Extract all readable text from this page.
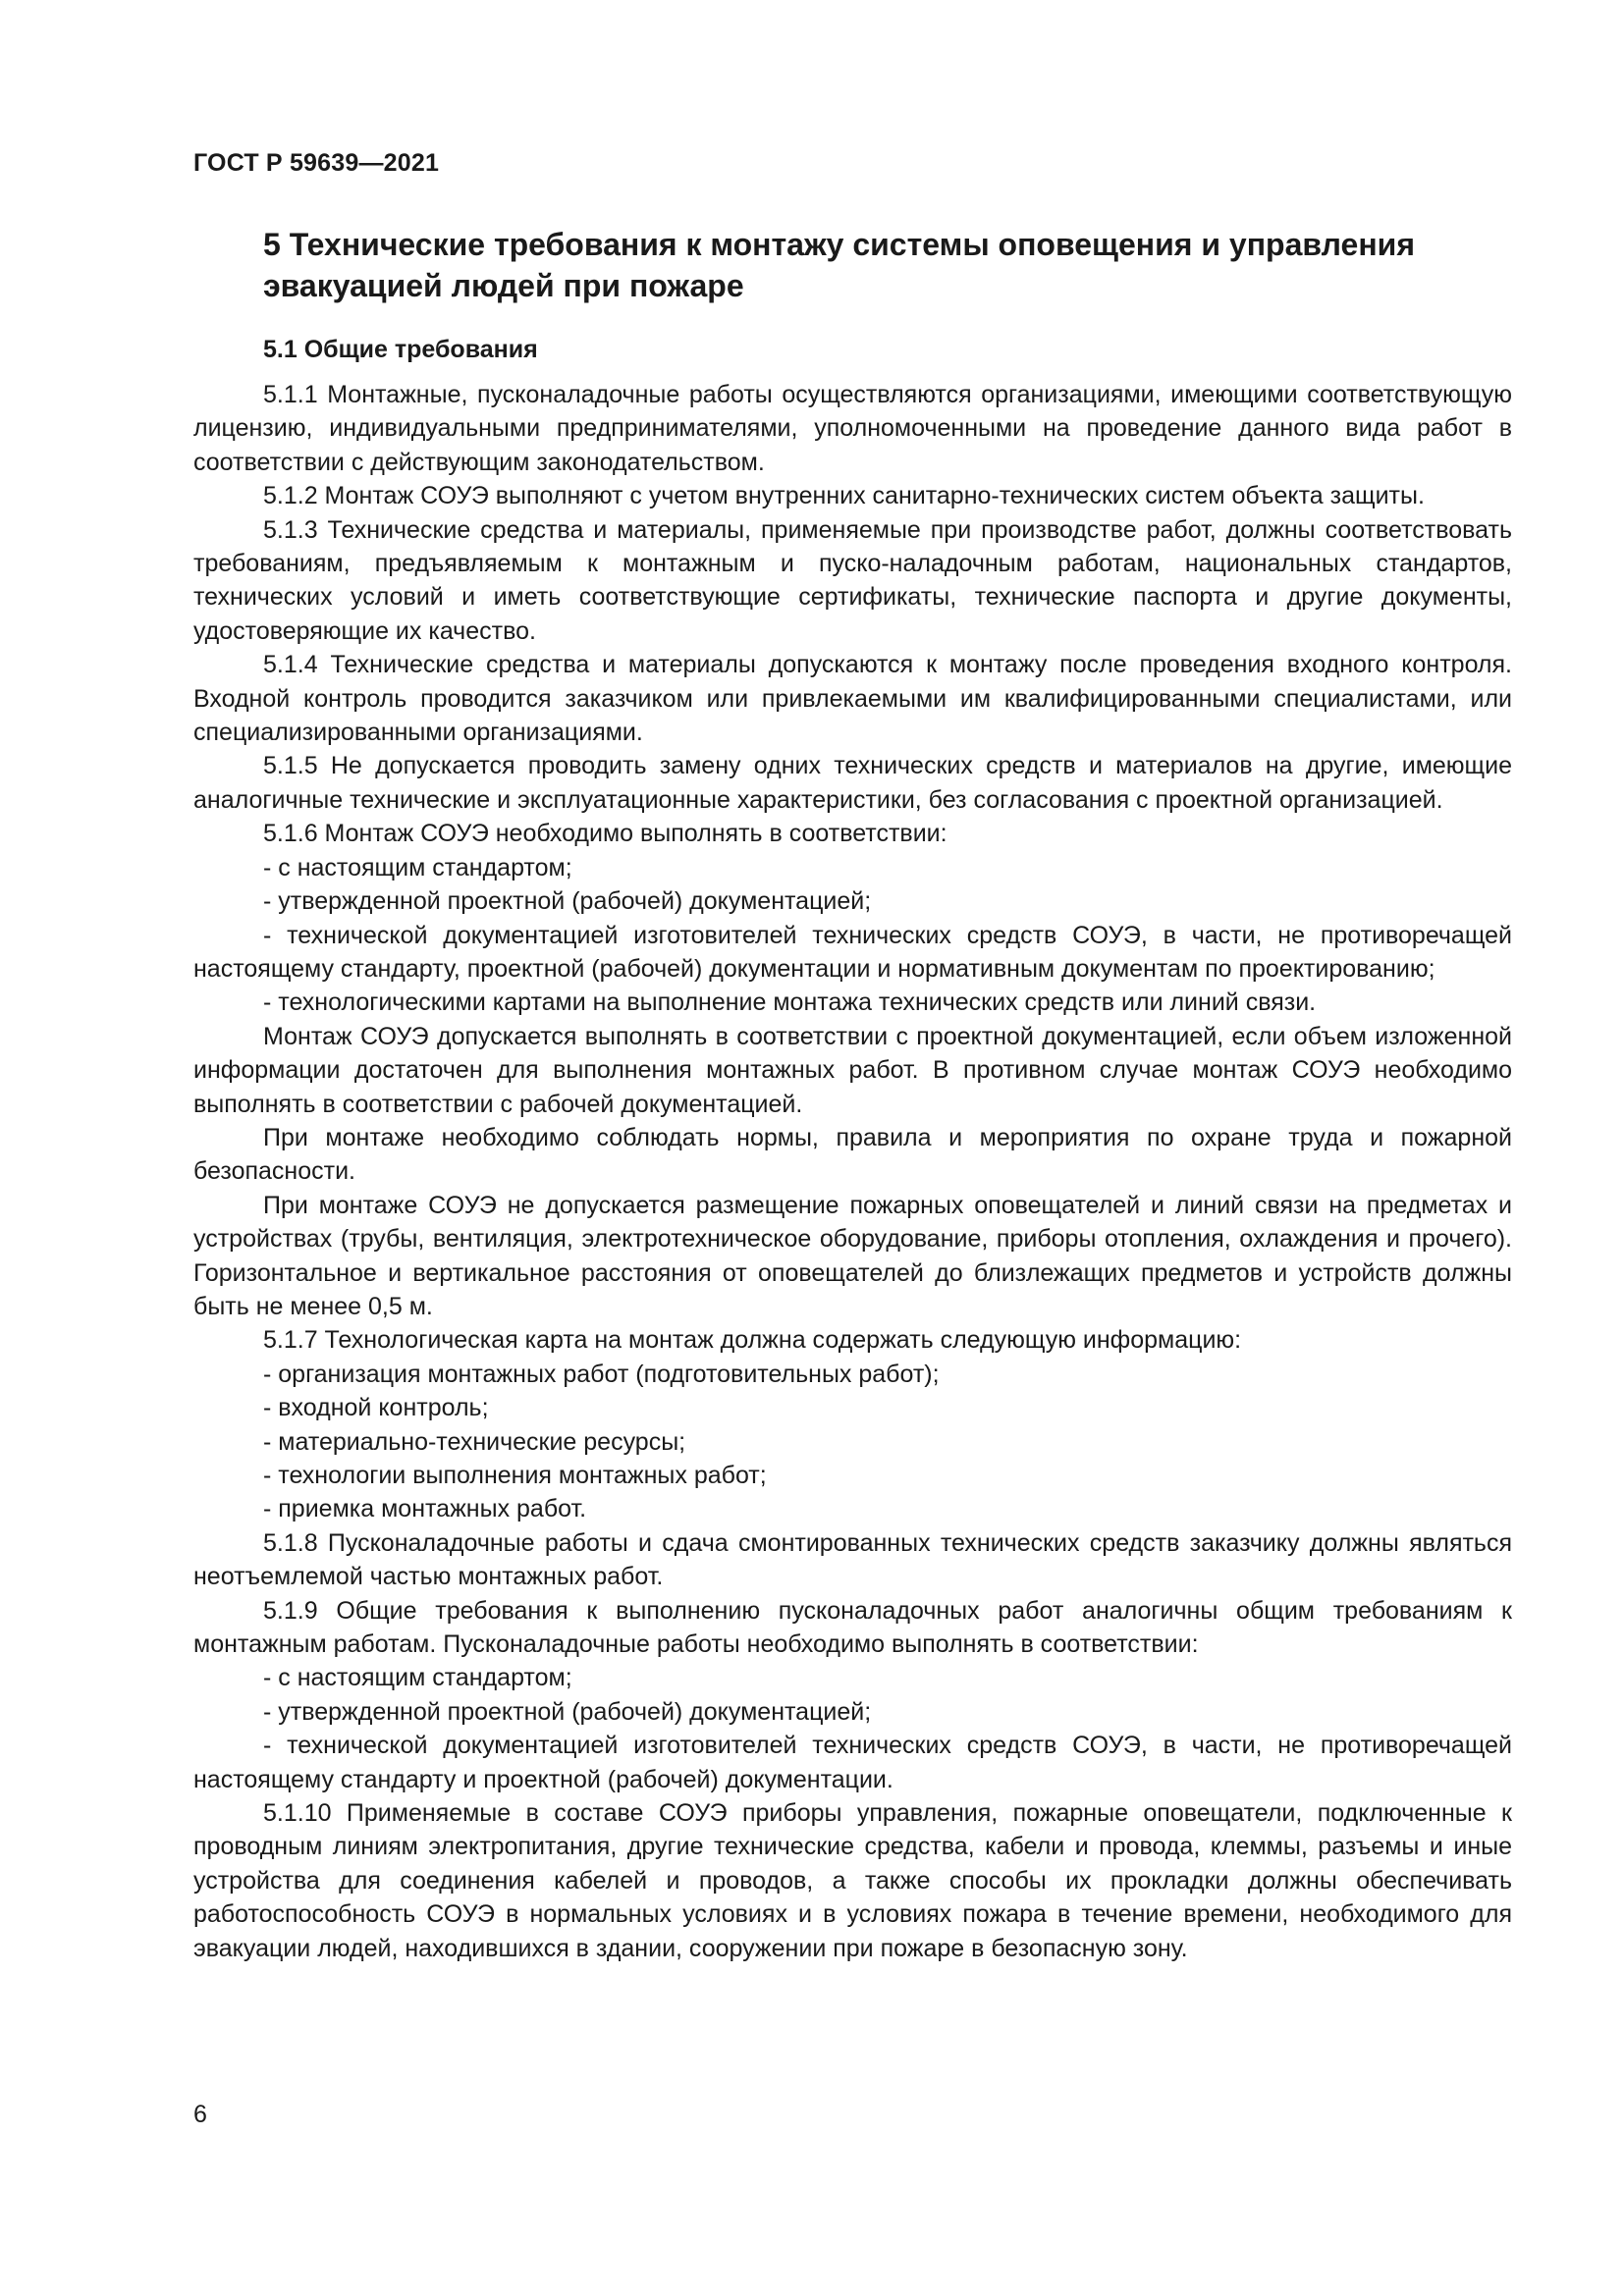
ГОСТ Р 59639—2021
5 Технические требования к монтажу системы оповещения и управления эвакуацией людей при пожаре
5.1 Общие требования

5.1.1 Монтажные, пусконаладочные работы осуществляются организациями, имеющими соответствующую лицензию, индивидуальными предпринимателями, уполномоченными на проведение данного вида работ в соответствии с действующим законодательством.

5.1.2 Монтаж СОУЭ выполняют с учетом внутренних санитарно-технических систем объекта защиты.

5.1.3 Технические средства и материалы, применяемые при производстве работ, должны соответствовать требованиям, предъявляемым к монтажным и пуско-наладочным работам, национальных стандартов, технических условий и иметь соответствующие сертификаты, технические паспорта и другие документы, удостоверяющие их качество.

5.1.4 Технические средства и материалы допускаются к монтажу после проведения входного контроля. Входной контроль проводится заказчиком или привлекаемыми им квалифицированными специалистами, или специализированными организациями.

5.1.5 Не допускается проводить замену одних технических средств и материалов на другие, имеющие аналогичные технические и эксплуатационные характеристики, без согласования с проектной организацией.

5.1.6 Монтаж СОУЭ необходимо выполнять в соответствии:

- с настоящим стандартом;

- утвержденной проектной (рабочей) документацией;

- технической документацией изготовителей технических средств СОУЭ, в части, не противоречащей настоящему стандарту, проектной (рабочей) документации и нормативным документам по проектированию;

- технологическими картами на выполнение монтажа технических средств или линий связи.

Монтаж СОУЭ допускается выполнять в соответствии с проектной документацией, если объем изложенной информации достаточен для выполнения монтажных работ. В противном случае монтаж СОУЭ необходимо выполнять в соответствии с рабочей документацией.

При монтаже необходимо соблюдать нормы, правила и мероприятия по охране труда и пожарной безопасности.

При монтаже СОУЭ не допускается размещение пожарных оповещателей и линий связи на предметах и устройствах (трубы, вентиляция, электротехническое оборудование, приборы отопления, охлаждения и прочего). Горизонтальное и вертикальное расстояния от оповещателей до близлежащих предметов и устройств должны быть не менее 0,5 м.

5.1.7 Технологическая карта на монтаж должна содержать следующую информацию:

- организация монтажных работ (подготовительных работ);

- входной контроль;

- материально-технические ресурсы;

- технологии выполнения монтажных работ;

- приемка монтажных работ.

5.1.8 Пусконаладочные работы и сдача смонтированных технических средств заказчику должны являться неотъемлемой частью монтажных работ.

5.1.9 Общие требования к выполнению пусконаладочных работ аналогичны общим требованиям к монтажным работам. Пусконаладочные работы необходимо выполнять в соответствии:

- с настоящим стандартом;

- утвержденной проектной (рабочей) документацией;

- технической документацией изготовителей технических средств СОУЭ, в части, не противоречащей настоящему стандарту и проектной (рабочей) документации.

5.1.10 Применяемые в составе СОУЭ приборы управления, пожарные оповещатели, подключенные к проводным линиям электропитания, другие технические средства, кабели и провода, клеммы, разъемы и иные устройства для соединения кабелей и проводов, а также способы их прокладки должны обеспечивать работоспособность СОУЭ в нормальных условиях и в условиях пожара в течение времени, необходимого для эвакуации людей, находившихся в здании, сооружении при пожаре в безопасную зону.

6
